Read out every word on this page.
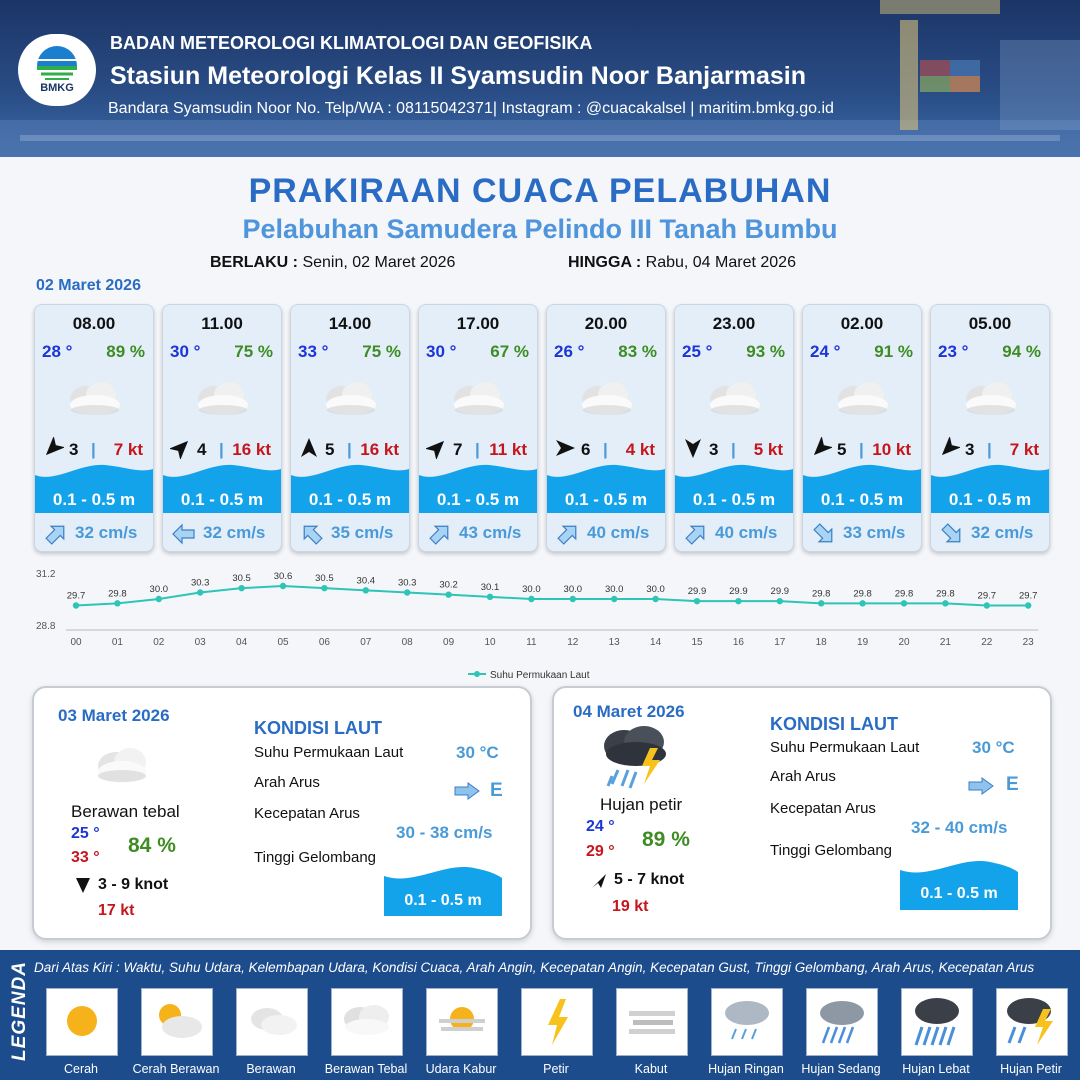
BMKG
BADAN METEOROLOGI KLIMATOLOGI DAN GEOFISIKA
Stasiun Meteorologi Kelas II Syamsudin Noor Banjarmasin
Bandara Syamsudin Noor No. Telp/WA : 08115042371| Instagram : @cuacakalsel | maritim.bmkg.go.id
PRAKIRAAN CUACA PELABUHAN
Pelabuhan Samudera Pelindo III Tanah Bumbu
BERLAKU : Senin, 02 Maret 2026	HINGGA : Rabu, 04 Maret 2026
02 Maret 2026
08.00
28 ° 89 %
3 | 7 kt
0.1 - 0.5 m
32 cm/s
11.00
30 ° 75 %
4 | 16 kt
0.1 - 0.5 m
32 cm/s
14.00
33 ° 75 %
5 | 16 kt
0.1 - 0.5 m
35 cm/s
17.00
30 ° 67 %
7 | 11 kt
0.1 - 0.5 m
43 cm/s
20.00
26 ° 83 %
6 | 4 kt
0.1 - 0.5 m
40 cm/s
23.00
25 ° 93 %
3 | 5 kt
0.1 - 0.5 m
40 cm/s
02.00
24 ° 91 %
5 | 10 kt
0.1 - 0.5 m
33 cm/s
05.00
23 ° 94 %
3 | 7 kt
0.1 - 0.5 m
32 cm/s
31.2
28.8
29.7
00
29.8
01
30.0
02
30.3
03
30.5
04
30.6
05
30.5
06
30.4
07
30.3
08
30.2
09
30.1
10
30.0
11
30.0
12
30.0
13
30.0
14
29.9
15
29.9
16
29.9
17
29.8
18
29.8
19
29.8
20
29.8
21
29.7
22
29.7
23
Suhu Permukaan Laut
03 Maret 2026
Berawan tebal
25 °
33 °
84 %
3 - 9 knot
17 kt
KONDISI LAUT
Suhu Permukaan Laut	30 °C
Arah Arus	E
Kecepatan Arus
30 - 38 cm/s
Tinggi Gelombang
0.1 - 0.5 m
04 Maret 2026
Hujan petir
24 °
29 °
89 %
5 - 7 knot
19 kt
KONDISI LAUT
Suhu Permukaan Laut	30 °C
Arah Arus	E
Kecepatan Arus
32 - 40 cm/s
Tinggi Gelombang
0.1 - 0.5 m
LEGENDA Dari Atas Kiri : Waktu, Suhu Udara, Kelembapan Udara, Kondisi Cuaca, Arah Angin, Kecepatan Angin, Kecepatan Gust, Tinggi Gelombang, Arah Arus, Kecepatan Arus
Cerah	Cerah Berawan	Berawan	Berawan Tebal	Udara Kabur	Petir	Kabut	Hujan Ringan	Hujan Sedang	Hujan Lebat	Hujan Petir
